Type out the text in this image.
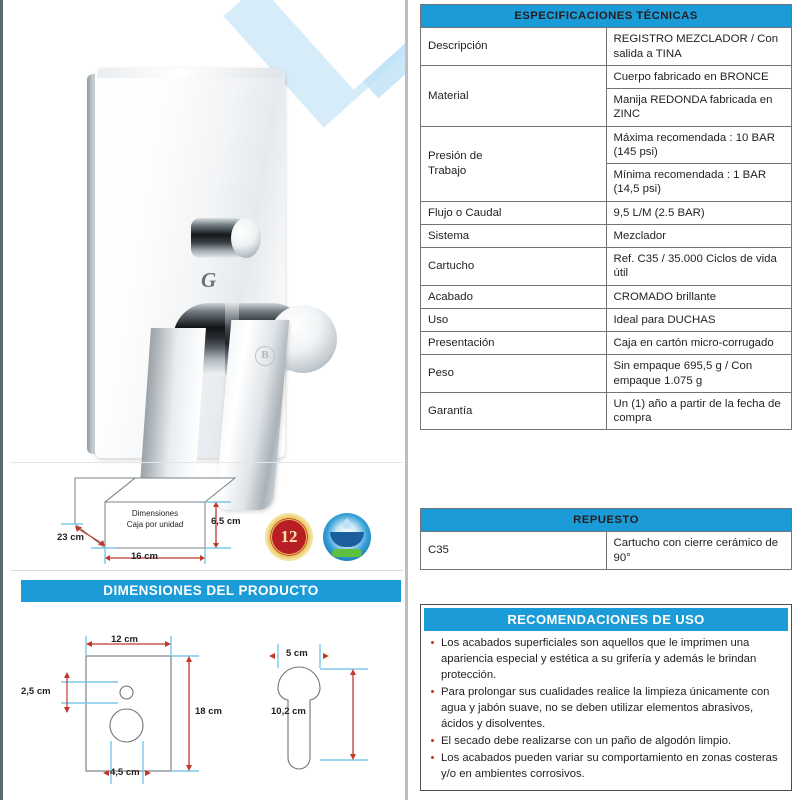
G
B
Dimensiones
Caja por unidad	6,5 cm
16 cm
23 cm	12
DIMENSIONES DEL PRODUCTO
12 cm
18 cm
2,5 cm
4,5 cm
5 cm
10,2 cm
ESPECIFICACIONES TÉCNICAS	
Descripción	REGISTRO MEZCLADOR / Con salida a TINA
Material	Cuerpo fabricado en BRONCE
	Manija REDONDA fabricada en ZINC
Presión de
Trabajo	Máxima recomendada : 10 BAR (145 psi)
	Mínima recomendada : 1 BAR (14,5 psi)
Flujo o Caudal	9,5 L/M (2.5 BAR)
Sistema	Mezclador
Cartucho	Ref. C35 / 35.000 Ciclos de vida útil
Acabado	CROMADO brillante
Uso	Ideal para DUCHAS
Presentación	Caja en cartón micro-corrugado
Peso	Sin empaque 695,5 g / Con empaque 1.075 g
Garantía	Un (1) año a partir de la fecha de compra
REPUESTO
C35	Cartucho con cierre cerámico de 90°
RECOMENDACIONES DE USO
Los acabados superficiales son aquellos que le imprimen una apariencia especial y estética a su grifería y además le brindan protección.
Para prolongar sus cualidades realice la limpieza únicamente con agua y jabón suave, no se deben utilizar elementos abrasivos, ácidos y disolventes.
El secado debe realizarse con un paño de algodón limpio.
Los acabados pueden variar su comportamiento en zonas costeras y/o en ambientes corrosivos.
